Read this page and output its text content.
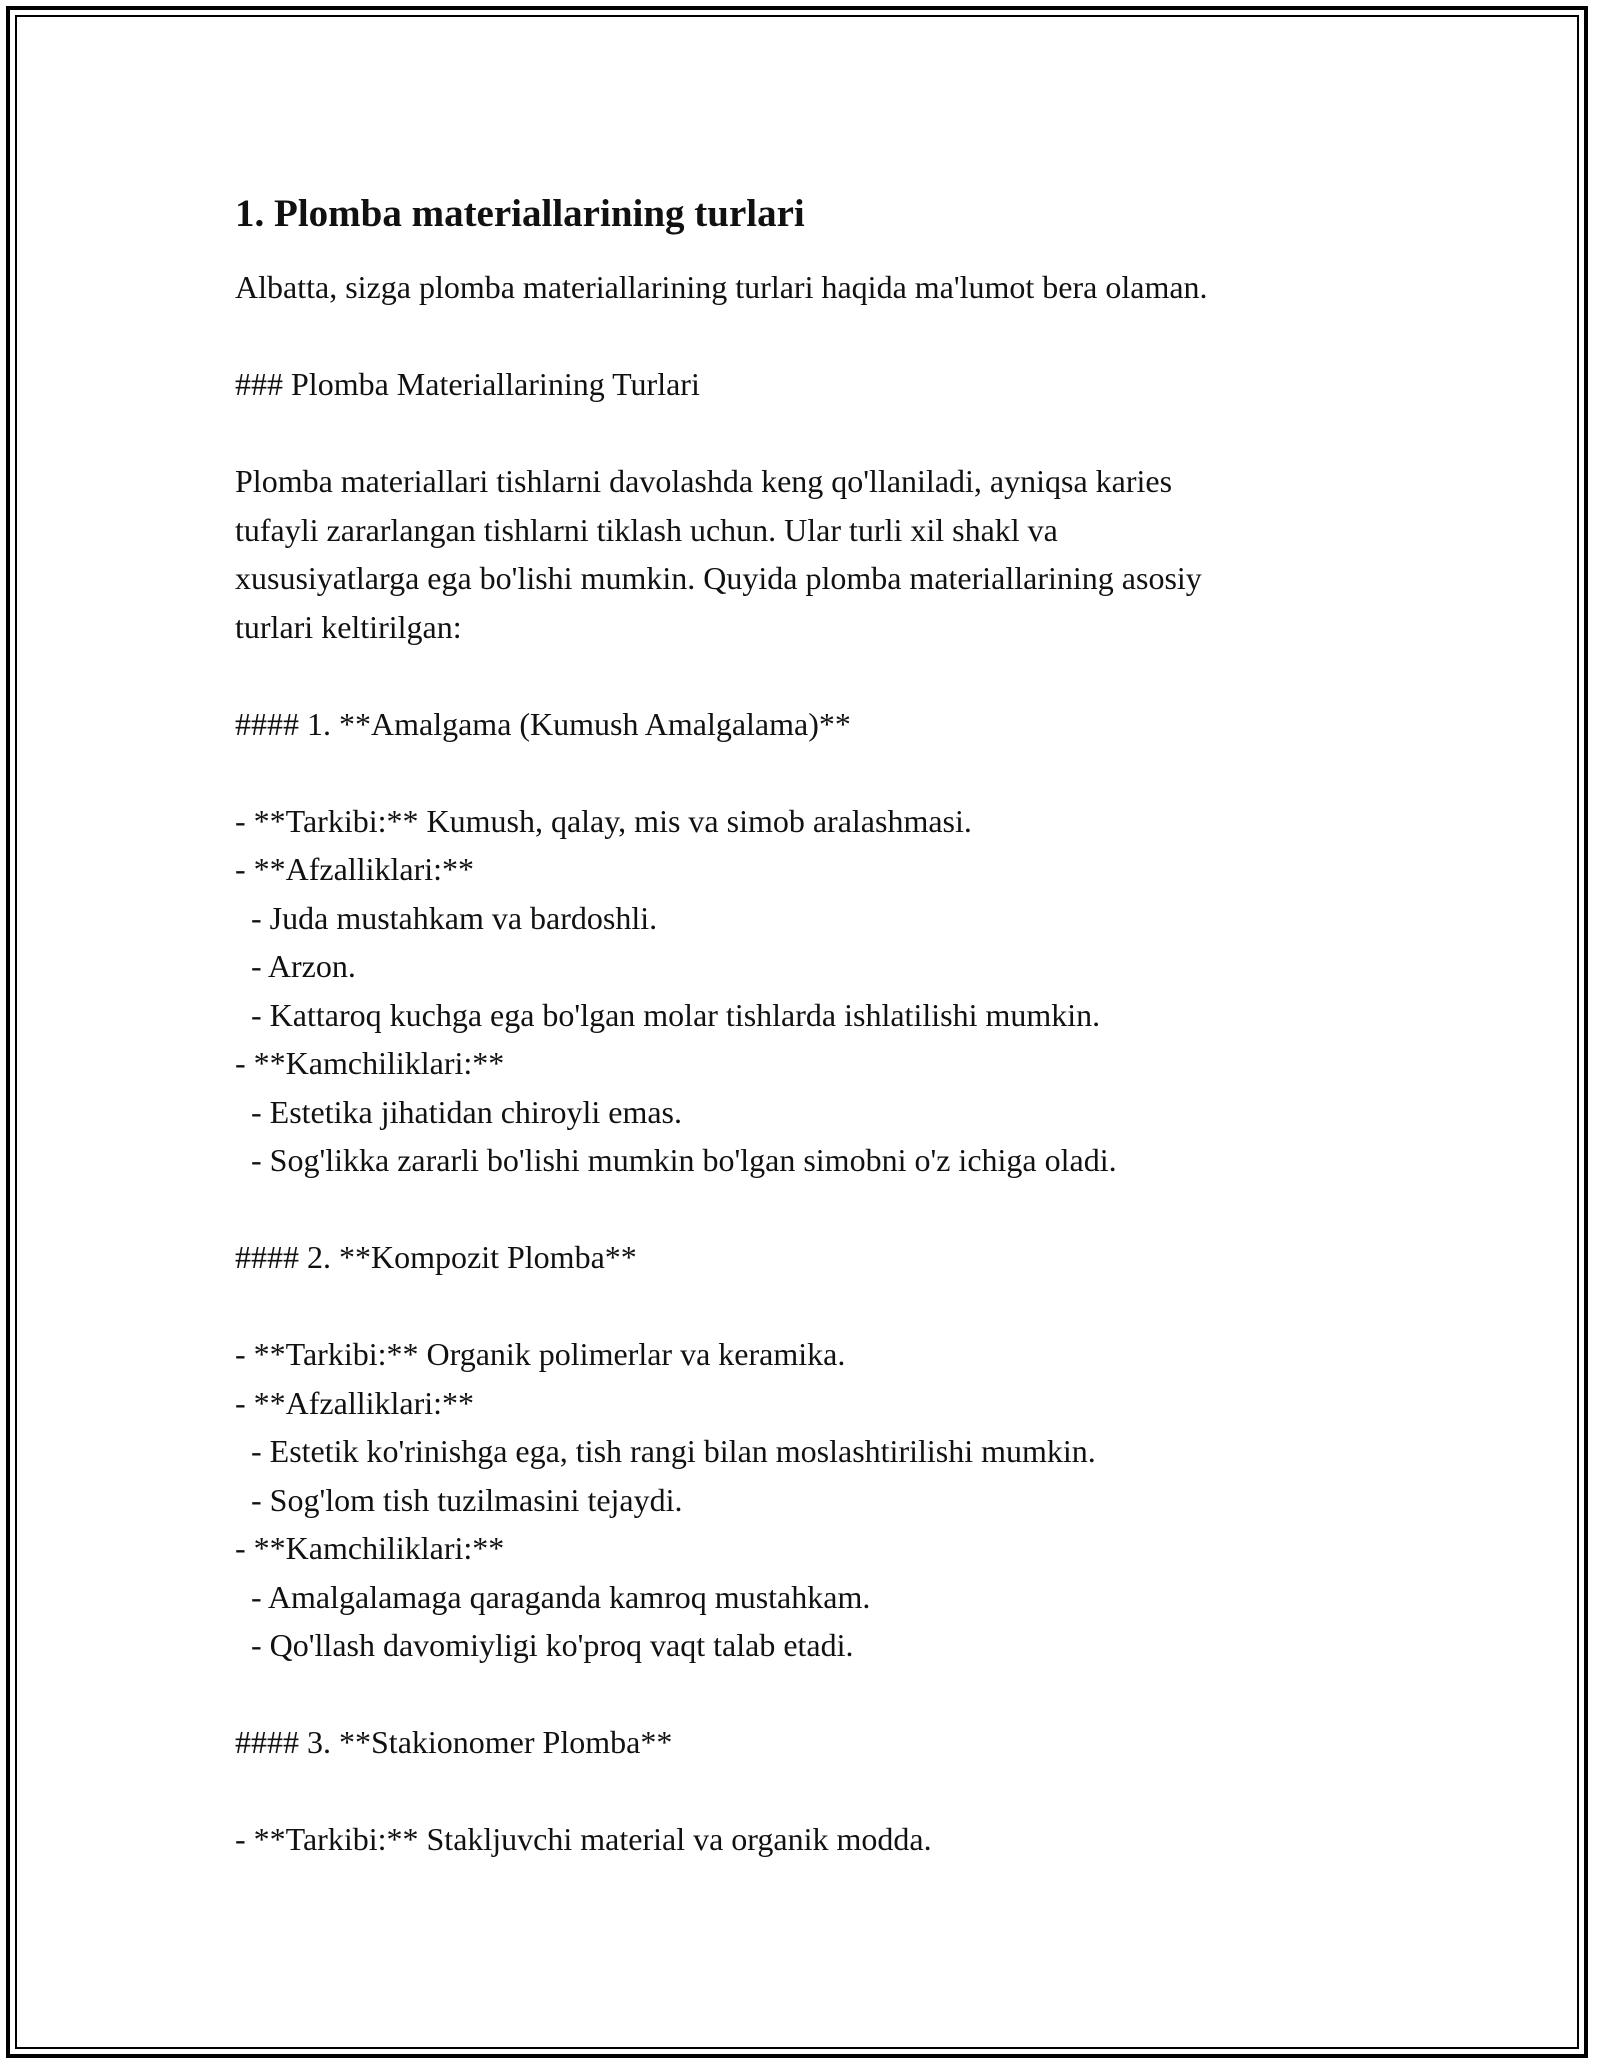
1. Plomba materiallarining turlari

Albatta, sizga plomba materiallarining turlari haqida ma'lumot bera olaman.

### Plomba Materiallarining Turlari

Plomba materiallari tishlarni davolashda keng qo'llaniladi, ayniqsa karies

tufayli zararlangan tishlarni tiklash uchun. Ular turli xil shakl va

xususiyatlarga ega bo'lishi mumkin. Quyida plomba materiallarining asosiy

turlari keltirilgan:

#### 1. **Amalgama (Kumush Amalgalama)**

- **Tarkibi:** Kumush, qalay, mis va simob aralashmasi.

- **Afzalliklari:**

- Juda mustahkam va bardoshli.

- Arzon.

- Kattaroq kuchga ega bo'lgan molar tishlarda ishlatilishi mumkin.

- **Kamchiliklari:**

- Estetika jihatidan chiroyli emas.

- Sog'likka zararli bo'lishi mumkin bo'lgan simobni o'z ichiga oladi.

#### 2. **Kompozit Plomba**

- **Tarkibi:** Organik polimerlar va keramika.

- **Afzalliklari:**

- Estetik ko'rinishga ega, tish rangi bilan moslashtirilishi mumkin.

- Sog'lom tish tuzilmasini tejaydi.

- **Kamchiliklari:**

- Amalgalamaga qaraganda kamroq mustahkam.

- Qo'llash davomiyligi ko'proq vaqt talab etadi.

#### 3. **Stakionomer Plomba**

- **Tarkibi:** Stakljuvchi material va organik modda.
